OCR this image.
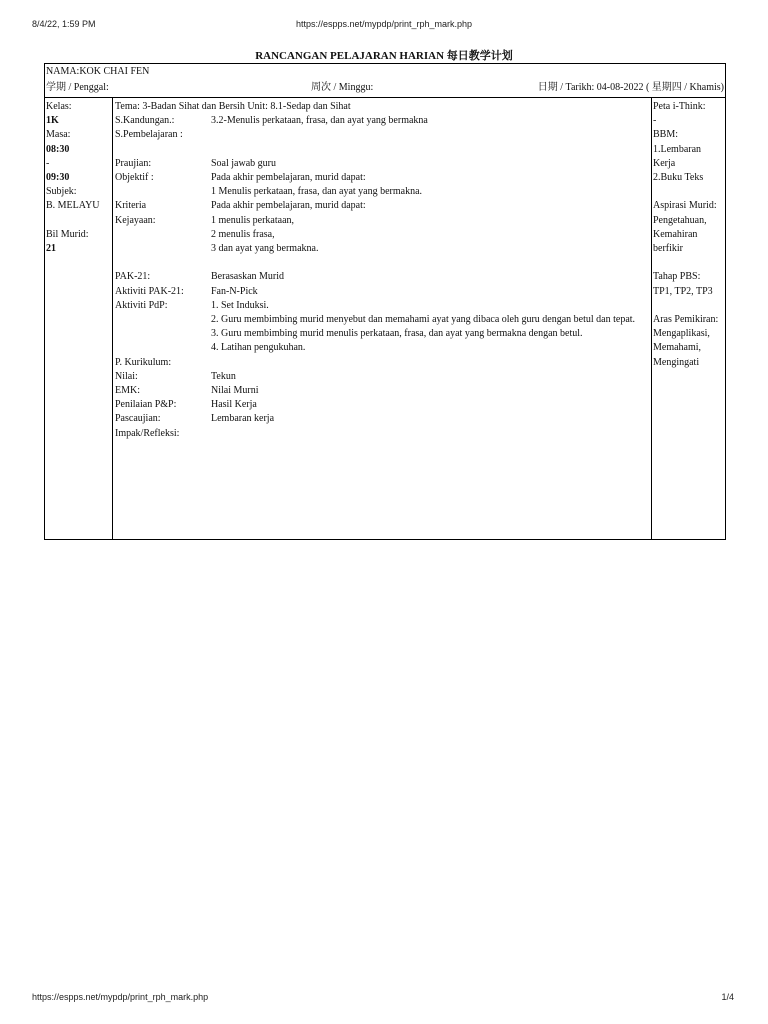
8/4/22, 1:59 PM	https://espps.net/mypdp/print_rph_mark.php
RANCANGAN PELAJARAN HARIAN 每日教学计划
NAMA:KOK CHAI FEN
学期 / Penggal:	周次 / Minggu:	日期 / Tarikh: 04-08-2022 ( 星期四 / Khamis)
Kelas:
1K
Masa:
08:30
-
09:30
Subjek:
B. MELAYU
Bil Murid:
21
Tema: 3-Badan Sihat dan Bersih Unit: 8.1-Sedap dan Sihat
S.Kandungan.:	3.2-Menulis perkataan, frasa, dan ayat yang bermakna
S.Pembelajaran :
Praujian:	Soal jawab guru
Objektif :	Pada akhir pembelajaran, murid dapat:
1 Menulis perkataan, frasa, dan ayat yang bermakna.
Kriteria	Pada akhir pembelajaran, murid dapat:
Kejayaan:	1 menulis perkataan,
2 menulis frasa,
3 dan ayat yang bermakna.
PAK-21:	Berasaskan Murid
Aktiviti PAK-21:	Fan-N-Pick
Aktiviti PdP:	1. Set Induksi.
2. Guru membimbing murid menyebut dan memahami ayat yang dibaca oleh guru dengan betul dan tepat.
3. Guru membimbing murid menulis perkataan, frasa, dan ayat yang bermakna dengan betul.
4. Latihan pengukuhan.
P. Kurikulum:
Nilai:	Tekun
EMK:	Nilai Murni
Penilaian P&P:	Hasil Kerja
Pascaujian:	Lembaran kerja
Impak/Refleksi:
Peta i-Think:
-
BBM:
1.Lembaran Kerja
2.Buku Teks
Aspirasi Murid:
Pengetahuan, Kemahiran berfikir
Tahap PBS:
TP1, TP2, TP3
Aras Pemikiran:
Mengaplikasi, Memahami, Mengingati
https://espps.net/mypdp/print_rph_mark.php	1/4
